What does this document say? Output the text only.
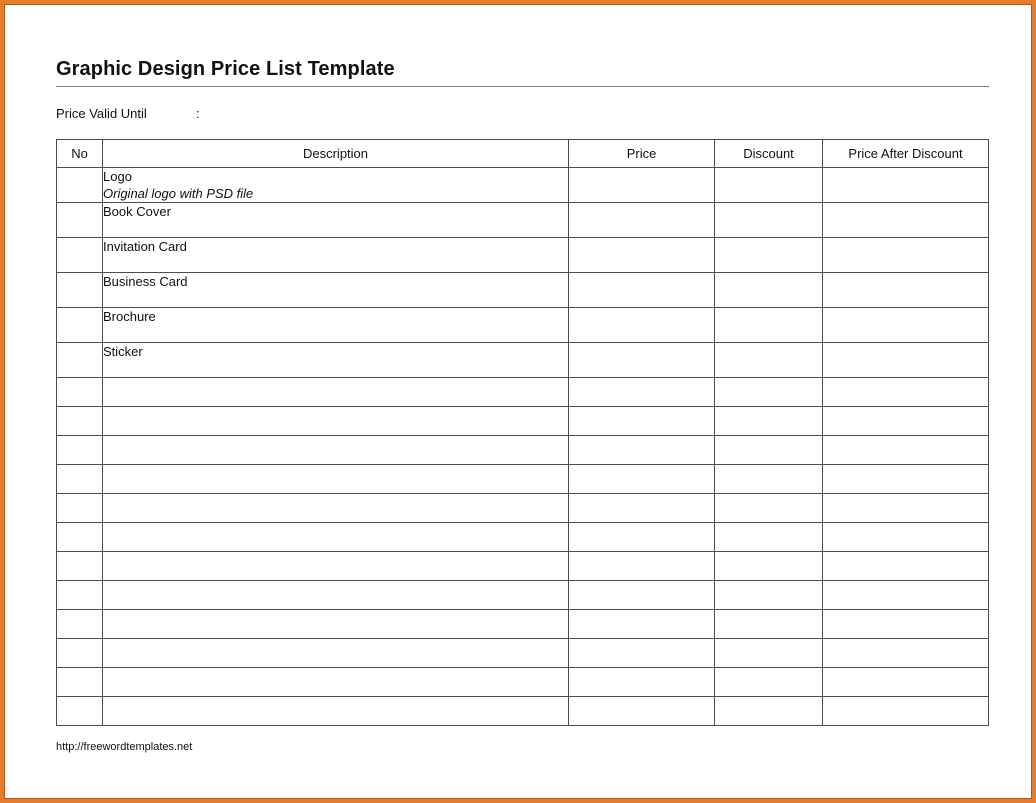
Graphic Design Price List Template
Price Valid Until	:
No	Description	Price	Discount	Price After Discount
	Logo
Original logo with PSD file			

	Book Cover			
	Invitation Card			
	Business Card			
	Brochure			
	Sticker			

http://freewordtemplates.net
